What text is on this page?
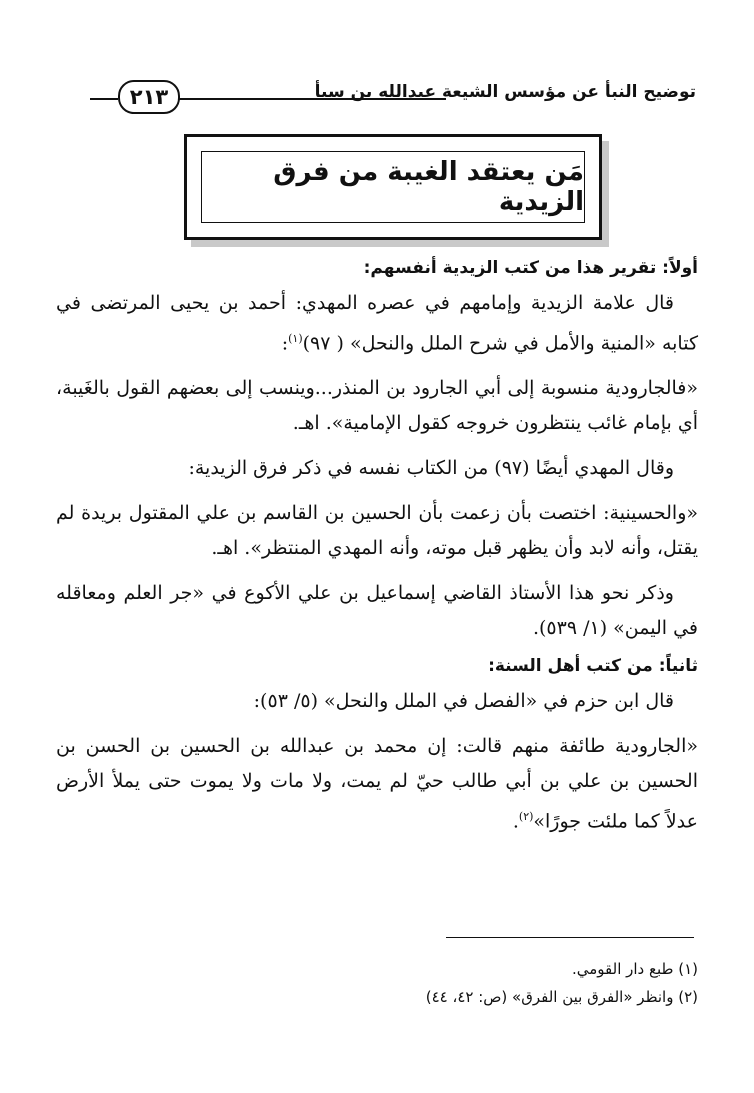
توضيح النبأ عن مؤسس الشيعة عبدالله بن سبأ
٢١٣
مَن يعتقد الغيبة من فرق الزيدية
أولاً: تقرير هذا من كتب الزيدية أنفسهم:

قال علامة الزيدية وإمامهم في عصره المهدي: أحمد بن يحيى المرتضى في كتابه «المنية والأمل في شرح الملل والنحل» ( ٩٧)$^{(١)}$:

«فالجارودية منسوبة إلى أبي الجارود بن المنذر...وينسب إلى بعضهم القول بالغَيبة، أي بإمام غائب ينتظرون خروجه كقول الإمامية». اهـ.

وقال المهدي أيضًا (٩٧) من الكتاب نفسه في ذكر فرق الزيدية:

«والحسينية: اختصت بأن زعمت بأن الحسين بن القاسم بن علي المقتول بريدة لم يقتل، وأنه لابد وأن يظهر قبل موته، وأنه المهدي المنتظر». اهـ.

وذكر نحو هذا الأستاذ القاضي إسماعيل بن علي الأكوع في «جر العلم ومعاقله في اليمن» (١/ ٥٣٩).

ثانياً: من كتب أهل السنة:

قال ابن حزم في «الفصل في الملل والنحل» (٥/ ٥٣):

«الجارودية طائفة منهم قالت: إن محمد بن عبدالله بن الحسين بن الحسن بن الحسين بن علي بن أبي طالب حيّ لم يمت، ولا مات ولا يموت حتى يملأ الأرض عدلاً كما ملئت جورًا»$^{(٢)}$.

(١) طبع دار القومي.
(٢) وانظر «الفرق بين الفرق» (ص: ٤٢، ٤٤)
